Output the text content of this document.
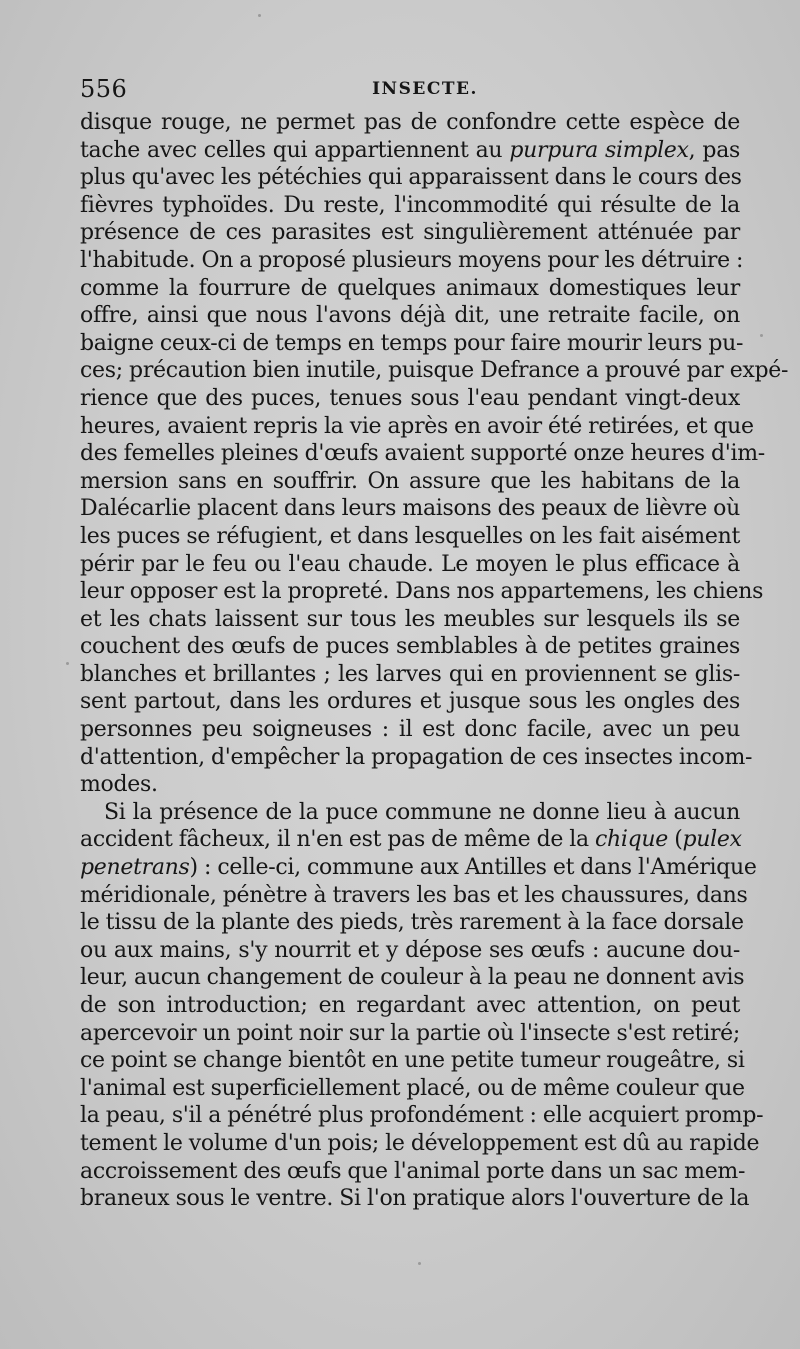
556	INSECTE.
disque rouge, ne permet pas de confondre cette espèce de
tache avec celles qui appartiennent au purpura simplex, pas
plus qu'avec les pétéchies qui apparaissent dans le cours des
fièvres typhoïdes. Du reste, l'incommodité qui résulte de la
présence de ces parasites est singulièrement atténuée par
l'habitude. On a proposé plusieurs moyens pour les détruire :
comme la fourrure de quelques animaux domestiques leur
offre, ainsi que nous l'avons déjà dit, une retraite facile, on
baigne ceux-ci de temps en temps pour faire mourir leurs pu-
ces; précaution bien inutile, puisque Defrance a prouvé par expé-
rience que des puces, tenues sous l'eau pendant vingt-deux
heures, avaient repris la vie après en avoir été retirées, et que
des femelles pleines d'œufs avaient supporté onze heures d'im-
mersion sans en souffrir. On assure que les habitans de la
Dalécarlie placent dans leurs maisons des peaux de lièvre où
les puces se réfugient, et dans lesquelles on les fait aisément
périr par le feu ou l'eau chaude. Le moyen le plus efficace à
leur opposer est la propreté. Dans nos appartemens, les chiens
et les chats laissent sur tous les meubles sur lesquels ils se
couchent des œufs de puces semblables à de petites graines
blanches et brillantes ; les larves qui en proviennent se glis-
sent partout, dans les ordures et jusque sous les ongles des
personnes peu soigneuses : il est donc facile, avec un peu
d'attention, d'empêcher la propagation de ces insectes incom-
modes.
Si la présence de la puce commune ne donne lieu à aucun
accident fâcheux, il n'en est pas de même de la chique (pulex
penetrans) : celle-ci, commune aux Antilles et dans l'Amérique
méridionale, pénètre à travers les bas et les chaussures, dans
le tissu de la plante des pieds, très rarement à la face dorsale
ou aux mains, s'y nourrit et y dépose ses œufs : aucune dou-
leur, aucun changement de couleur à la peau ne donnent avis
de son introduction; en regardant avec attention, on peut
apercevoir un point noir sur la partie où l'insecte s'est retiré;
ce point se change bientôt en une petite tumeur rougeâtre, si
l'animal est superficiellement placé, ou de même couleur que
la peau, s'il a pénétré plus profondément : elle acquiert promp-
tement le volume d'un pois; le développement est dû au rapide
accroissement des œufs que l'animal porte dans un sac mem-
braneux sous le ventre. Si l'on pratique alors l'ouverture de la
